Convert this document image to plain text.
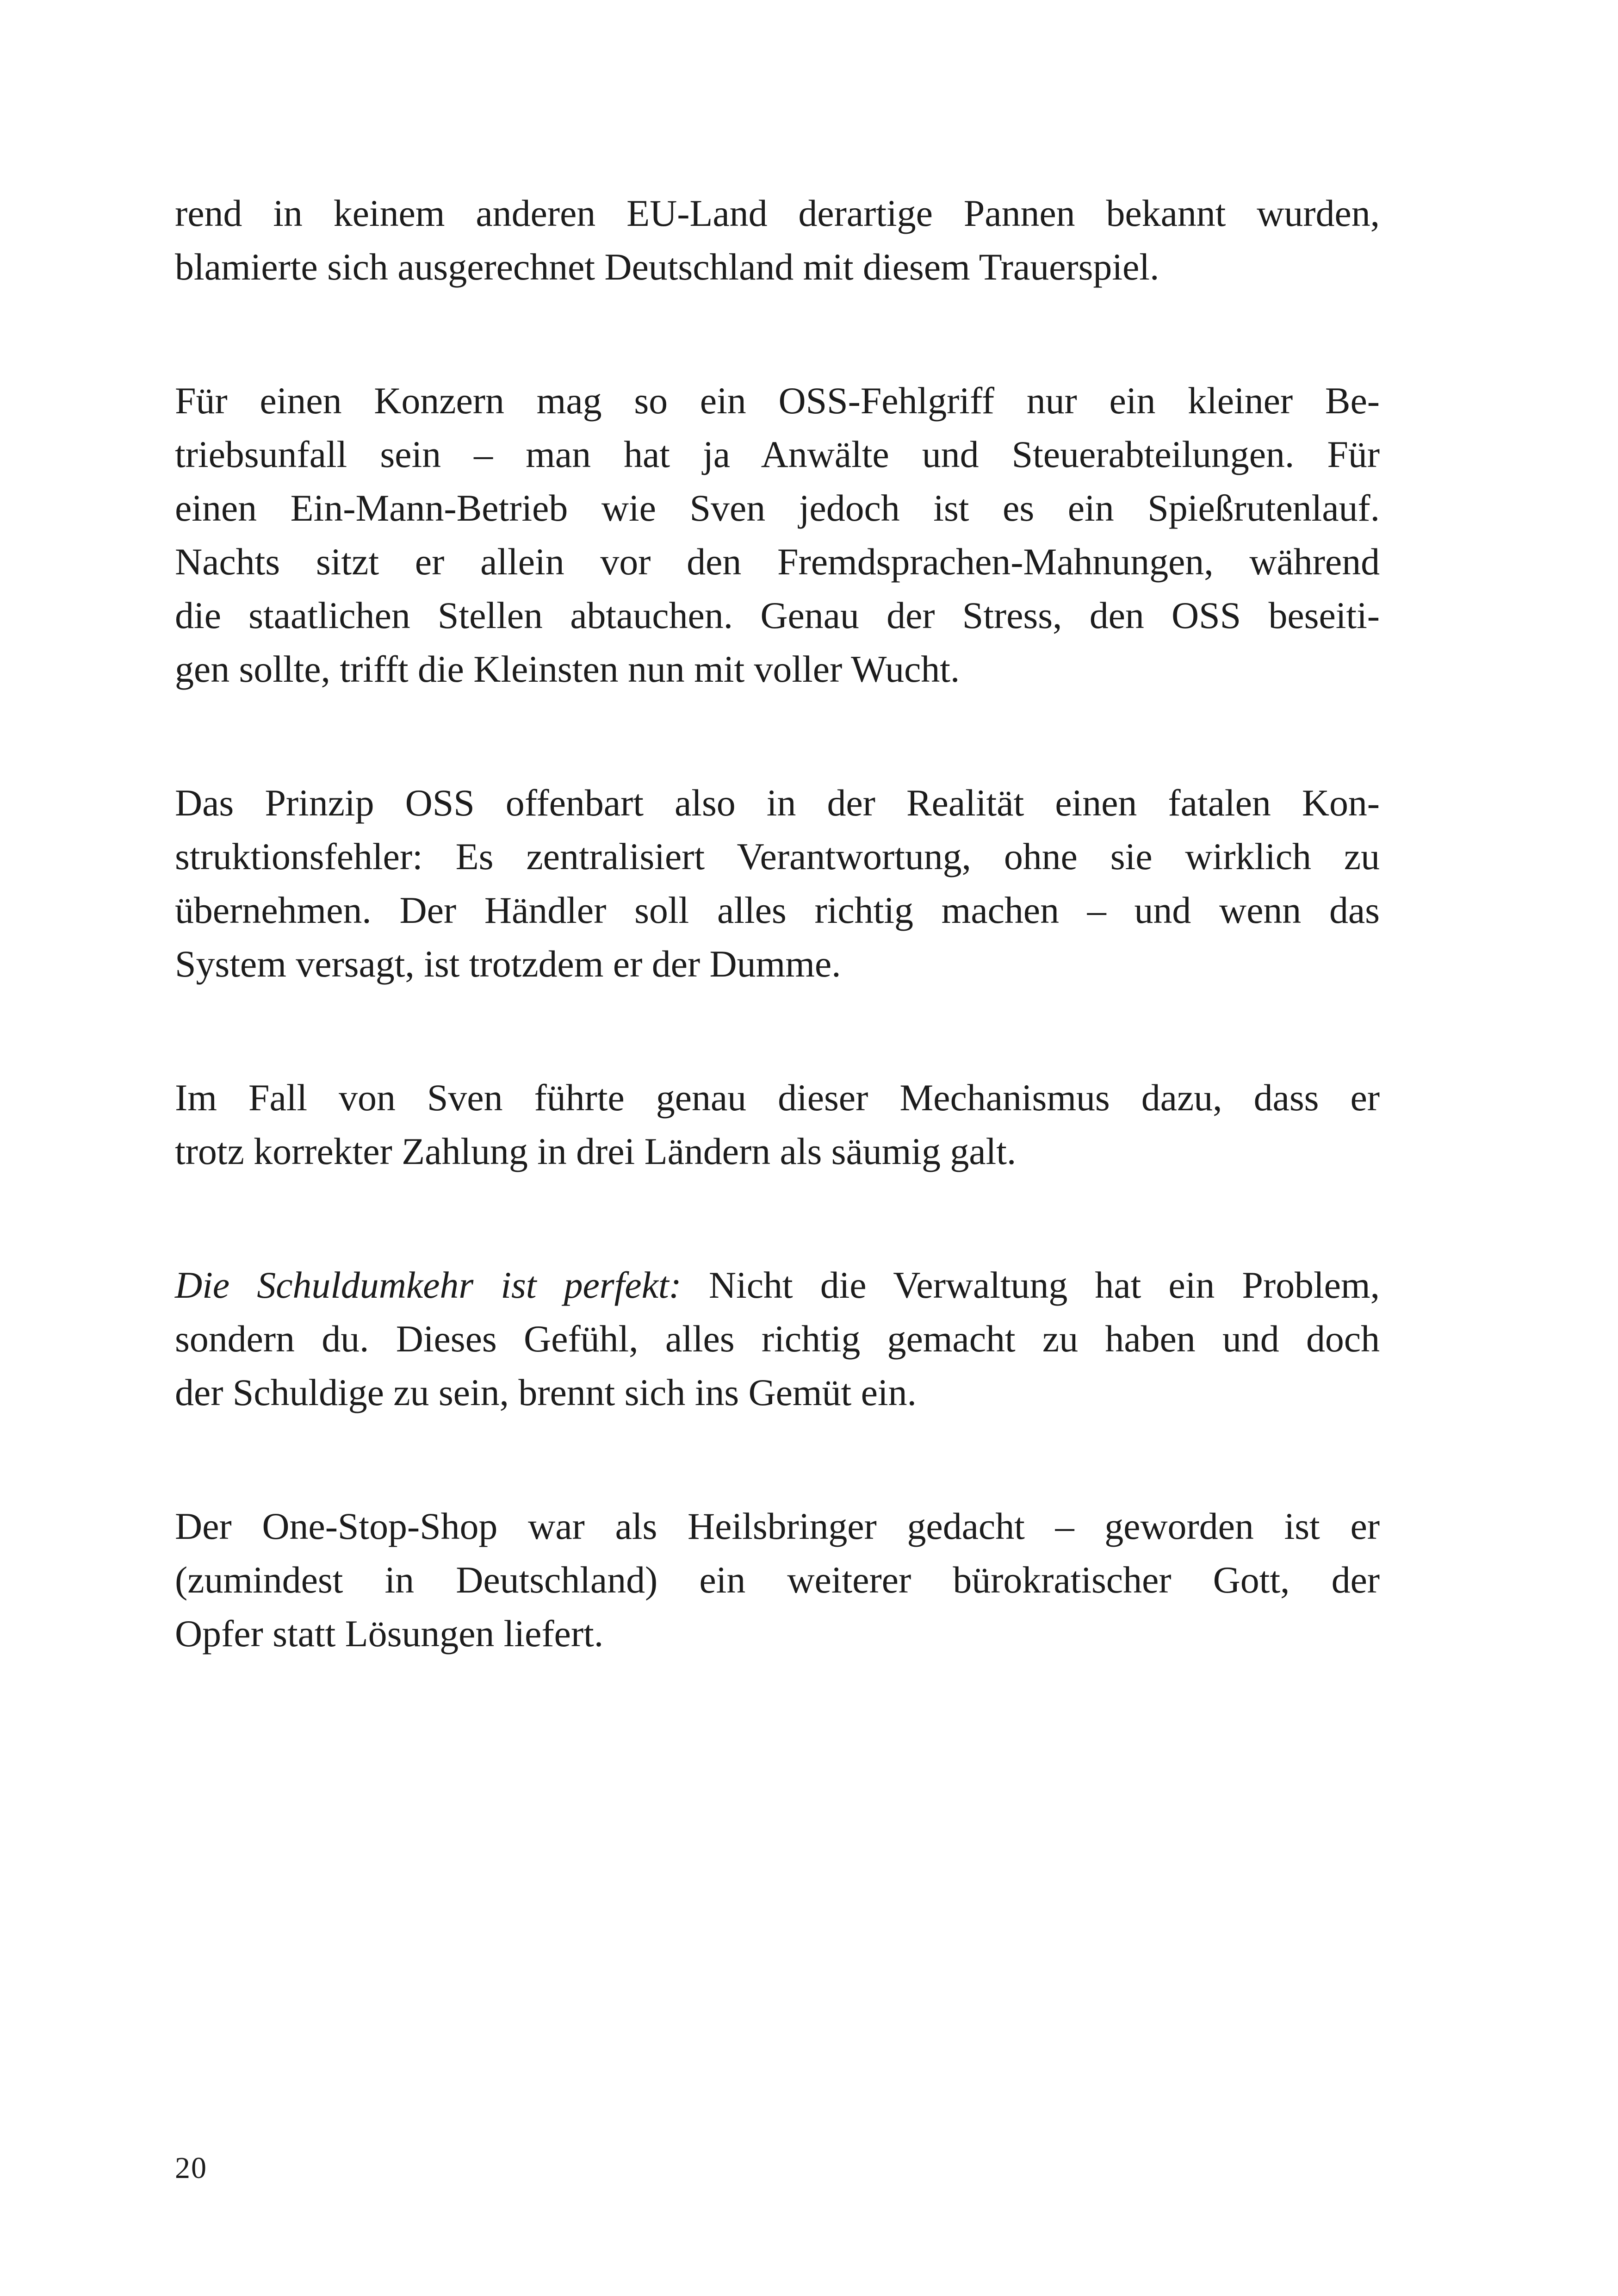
rend in keinem anderen EU-Land derartige Pannen bekannt wurden,
blamierte sich ausgerechnet Deutschland mit diesem Trauerspiel.

Für einen Konzern mag so ein OSS-Fehlgriff nur ein kleiner Be-
triebsunfall sein – man hat ja Anwälte und Steuerabteilungen. Für
einen Ein-Mann-Betrieb wie Sven jedoch ist es ein Spießrutenlauf.
Nachts sitzt er allein vor den Fremdsprachen-Mahnungen, während
die staatlichen Stellen abtauchen. Genau der Stress, den OSS beseiti-
gen sollte, trifft die Kleinsten nun mit voller Wucht.

Das Prinzip OSS offenbart also in der Realität einen fatalen Kon-
struktionsfehler: Es zentralisiert Verantwortung, ohne sie wirklich zu
übernehmen. Der Händler soll alles richtig machen – und wenn das
System versagt, ist trotzdem er der Dumme.

Im Fall von Sven führte genau dieser Mechanismus dazu, dass er
trotz korrekter Zahlung in drei Ländern als säumig galt.

Die Schuldumkehr ist perfekt: Nicht die Verwaltung hat ein Problem,
sondern du. Dieses Gefühl, alles richtig gemacht zu haben und doch
der Schuldige zu sein, brennt sich ins Gemüt ein.

Der One-Stop-Shop war als Heilsbringer gedacht – geworden ist er
(zumindest in Deutschland) ein weiterer bürokratischer Gott, der
Opfer statt Lösungen liefert.

20
